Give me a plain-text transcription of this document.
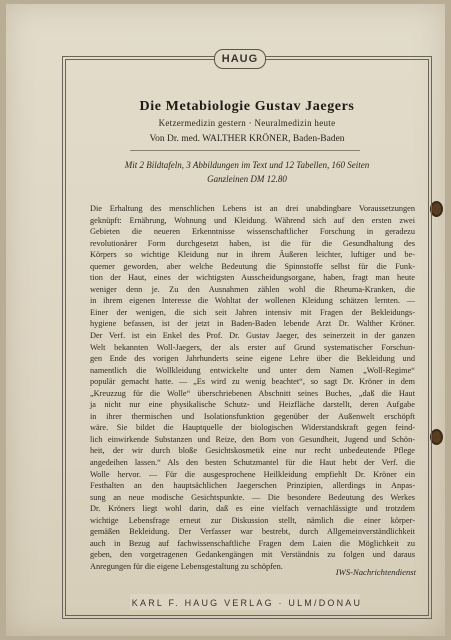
HAUG
Die Metabiologie Gustav Jaegers
Ketzermedizin gestern · Neuralmedizin heute
Von Dr. med. WALTHER KRÖNER, Baden-Baden
Mit 2 Bildtafeln, 3 Abbildungen im Text und 12 Tabellen, 160 Seiten
Ganzleinen DM 12.80
Die Erhaltung des menschlichen Lebens ist an drei unabdingbare Voraussetzungen
geknüpft: Ernährung, Wohnung und Kleidung. Während sich auf den ersten zwei
Gebieten die neueren Erkenntnisse wissenschaftlicher Forschung in geradezu
revolutionärer Form durchgesetzt haben, ist die für die Gesundhaltung des
Körpers so wichtige Kleidung nur in ihrem Äußeren leichter, luftiger und be-
quemer geworden, aber welche Bedeutung die Spinnstoffe selbst für die Funk-
tion der Haut, eines der wichtigsten Ausscheidungsorgane, haben, fragt man heute
weniger denn je. Zu den Ausnahmen zählen wohl die Rheuma-Kranken, die
in ihrem eigenen Interesse die Wohltat der wollenen Kleidung schätzen lernten. —
Einer der wenigen, die sich seit Jahren intensiv mit Fragen der Bekleidungs-
hygiene befassen, ist der jetzt in Baden-Baden lebende Arzt Dr. Walther Kröner.
Der Verf. ist ein Enkel des Prof. Dr. Gustav Jaeger, des seinerzeit in der ganzen
Welt bekannten Woll-Jaegers, der als erster auf Grund systematischer Forschun-
gen Ende des vorigen Jahrhunderts seine eigene Lehre über die Bekleidung und
namentlich die Wollkleidung entwickelte und unter dem Namen „Woll-Regime“
populär gemacht hatte. — „Es wird zu wenig beachtet“, so sagt Dr. Kröner in dem
„Kreuzzug für die Wolle“ überschriebenen Abschnitt seines Buches, „daß die Haut
ja nicht nur eine physikalische Schutz- und Heizfläche darstellt, deren Aufgabe
in ihrer thermischen und Isolationsfunktion gegenüber der Außenwelt erschöpft
wäre. Sie bildet die Hauptquelle der biologischen Widerstandskraft gegen feind-
lich einwirkende Substanzen und Reize, den Born von Gesundheit, Jugend und Schön-
heit, der wir durch bloße Gesichtskosmetik eine nur recht unbedeutende Pflege
angedeihen lassen.“ Als den besten Schutzmantel für die Haut hebt der Verf. die
Wolle hervor. — Für die ausgesprochene Heilkleidung empfiehlt Dr. Kröner ein
Festhalten an den hauptsächlichen Jaegerschen Prinzipien, allerdings in Anpas-
sung an neue modische Gesichtspunkte. — Die besondere Bedeutung des Werkes
Dr. Kröners liegt wohl darin, daß es eine vielfach vernachlässigte und trotzdem
wichtige Lebensfrage erneut zur Diskussion stellt, nämlich die einer körper-
gemäßen Bekleidung. Der Verfasser war bestrebt, durch Allgemeinverständlichkeit
auch in Bezug auf fachwissenschaftliche Fragen dem Laien die Möglichkeit zu
geben, den vorgetragenen Gedankengängen mit Verständnis zu folgen und daraus
Anregungen für die eigene Lebensgestaltung zu schöpfen.
IWS-Nachrichtendienst
KARL F. HAUG VERLAG · ULM/DONAU
